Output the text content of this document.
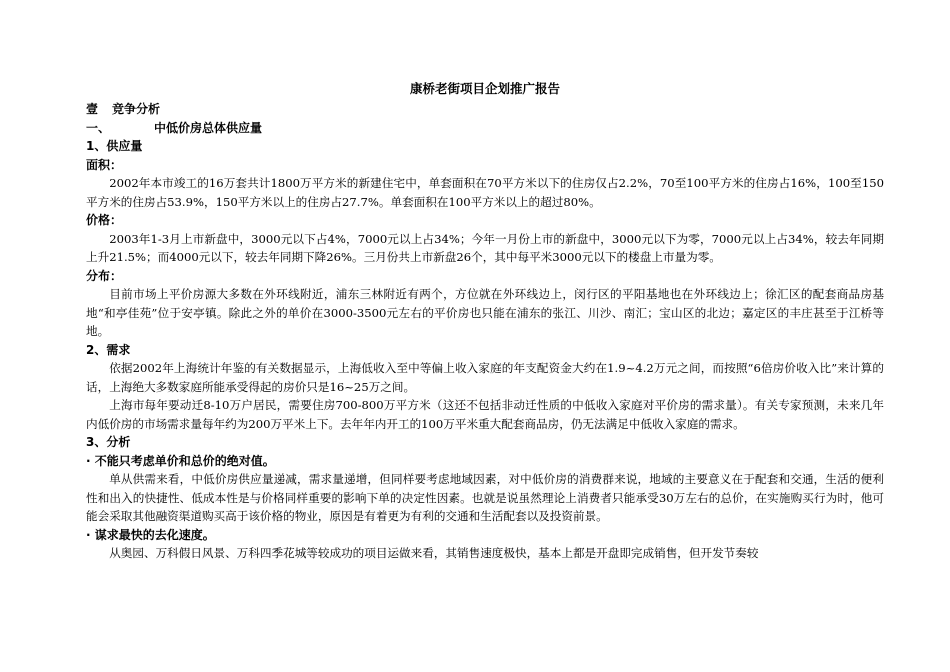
康桥老街项目企划推广报告
壹 竞争分析
一、	中低价房总体供应量
1、供应量
面积：

2002年本市竣工的16万套共计1800万平方米的新建住宅中，单套面积在70平方米以下的住房仅占2.2%，70至100平方米的住房占16%，100至150平方米的住房占53.9%，150平方米以上的住房占27.7%。单套面积在100平方米以上的超过80%。

价格：

2003年1-3月上市新盘中，3000元以下占4%，7000元以上占34%；今年一月份上市的新盘中，3000元以下为零，7000元以上占34%，较去年同期上升21.5%；而4000元以下，较去年同期下降26%。三月份共上市新盘26个，其中每平米3000元以下的楼盘上市量为零。

分布：

目前市场上平价房源大多数在外环线附近，浦东三林附近有两个，方位就在外环线边上，闵行区的平阳基地也在外环线边上；徐汇区的配套商品房基地“和亭佳苑”位于安亭镇。除此之外的单价在3000-3500元左右的平价房也只能在浦东的张江、川沙、南汇；宝山区的北边；嘉定区的丰庄甚至于江桥等地。

2、需求

依据2002年上海统计年鉴的有关数据显示，上海低收入至中等偏上收入家庭的年支配资金大约在1.9~4.2万元之间，而按照“6倍房价收入比”来计算的话，上海绝大多数家庭所能承受得起的房价只是16~25万之间。

上海市每年要动迁8-10万户居民，需要住房700-800万平方米（这还不包括非动迁性质的中低收入家庭对平价房的需求量）。有关专家预测，未来几年内低价房的市场需求量每年约为200万平米上下。去年年内开工的100万平米重大配套商品房，仍无法满足中低收入家庭的需求。

3、分析
· 不能只考虑单价和总价的绝对值。

单从供需来看，中低价房供应量递减，需求量递增，但同样要考虑地域因素，对中低价房的消费群来说，地域的主要意义在于配套和交通，生活的便利性和出入的快捷性、低成本性是与价格同样重要的影响下单的决定性因素。也就是说虽然理论上消费者只能承受30万左右的总价，在实施购买行为时，他可能会采取其他融资渠道购买高于该价格的物业，原因是有着更为有利的交通和生活配套以及投资前景。

· 谋求最快的去化速度。

从奥园、万科假日风景、万科四季花城等较成功的项目运做来看，其销售速度极快，基本上都是开盘即完成销售，但开发节奏较
